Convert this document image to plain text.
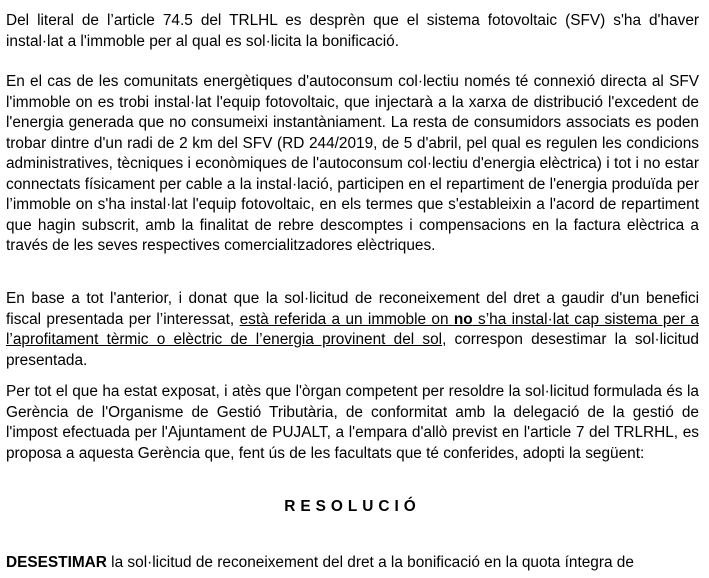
Del literal de l’article 74.5 del TRLHL es desprèn que el sistema fotovoltaic (SFV) s'ha d'haver instal·lat a l'immoble per al qual es sol·licita la bonificació.

En el cas de les comunitats energètiques d'autoconsum col·lectiu només té connexió directa al SFV l'immoble on es trobi instal·lat l'equip fotovoltaic, que injectarà a la xarxa de distribució l'excedent de l'energia generada que no consumeixi instantàniament. La resta de consumidors associats es poden trobar dintre d'un radi de 2 km del SFV (RD 244/2019, de 5 d'abril, pel qual es regulen les condicions administratives, tècniques i econòmiques de l'autoconsum col·lectiu d'energia elèctrica) i tot i no estar connectats físicament per cable a la instal·lació, participen en el repartiment de l'energia produïda per l’immoble on s'ha instal·lat l'equip fotovoltaic, en els termes que s'estableixin a l'acord de repartiment que hagin subscrit, amb la finalitat de rebre descomptes i compensacions en la factura elèctrica a través de les seves respectives comercialitzadores elèctriques.

En base a tot l'anterior, i donat que la sol·licitud de reconeixement del dret a gaudir d'un benefici fiscal presentada per l’interessat, està referida a un immoble on no s’ha instal·lat cap sistema per a l’aprofitament tèrmic o elèctric de l’energia provinent del sol, correspon desestimar la sol·licitud presentada.

Per tot el que ha estat exposat, i atès que l'òrgan competent per resoldre la sol·licitud formulada és la Gerència de l'Organisme de Gestió Tributària, de conformitat amb la delegació de la gestió de l'impost efectuada per l'Ajuntament de PUJALT, a l'empara d'allò previst en l'article 7 del TRLRHL, es proposa a aquesta Gerència que, fent ús de les facultats que té conferides, adopti la següent:

RESOLUCIÓ

DESESTIMAR la sol·licitud de reconeixement del dret a la bonificació en la quota íntegra de
